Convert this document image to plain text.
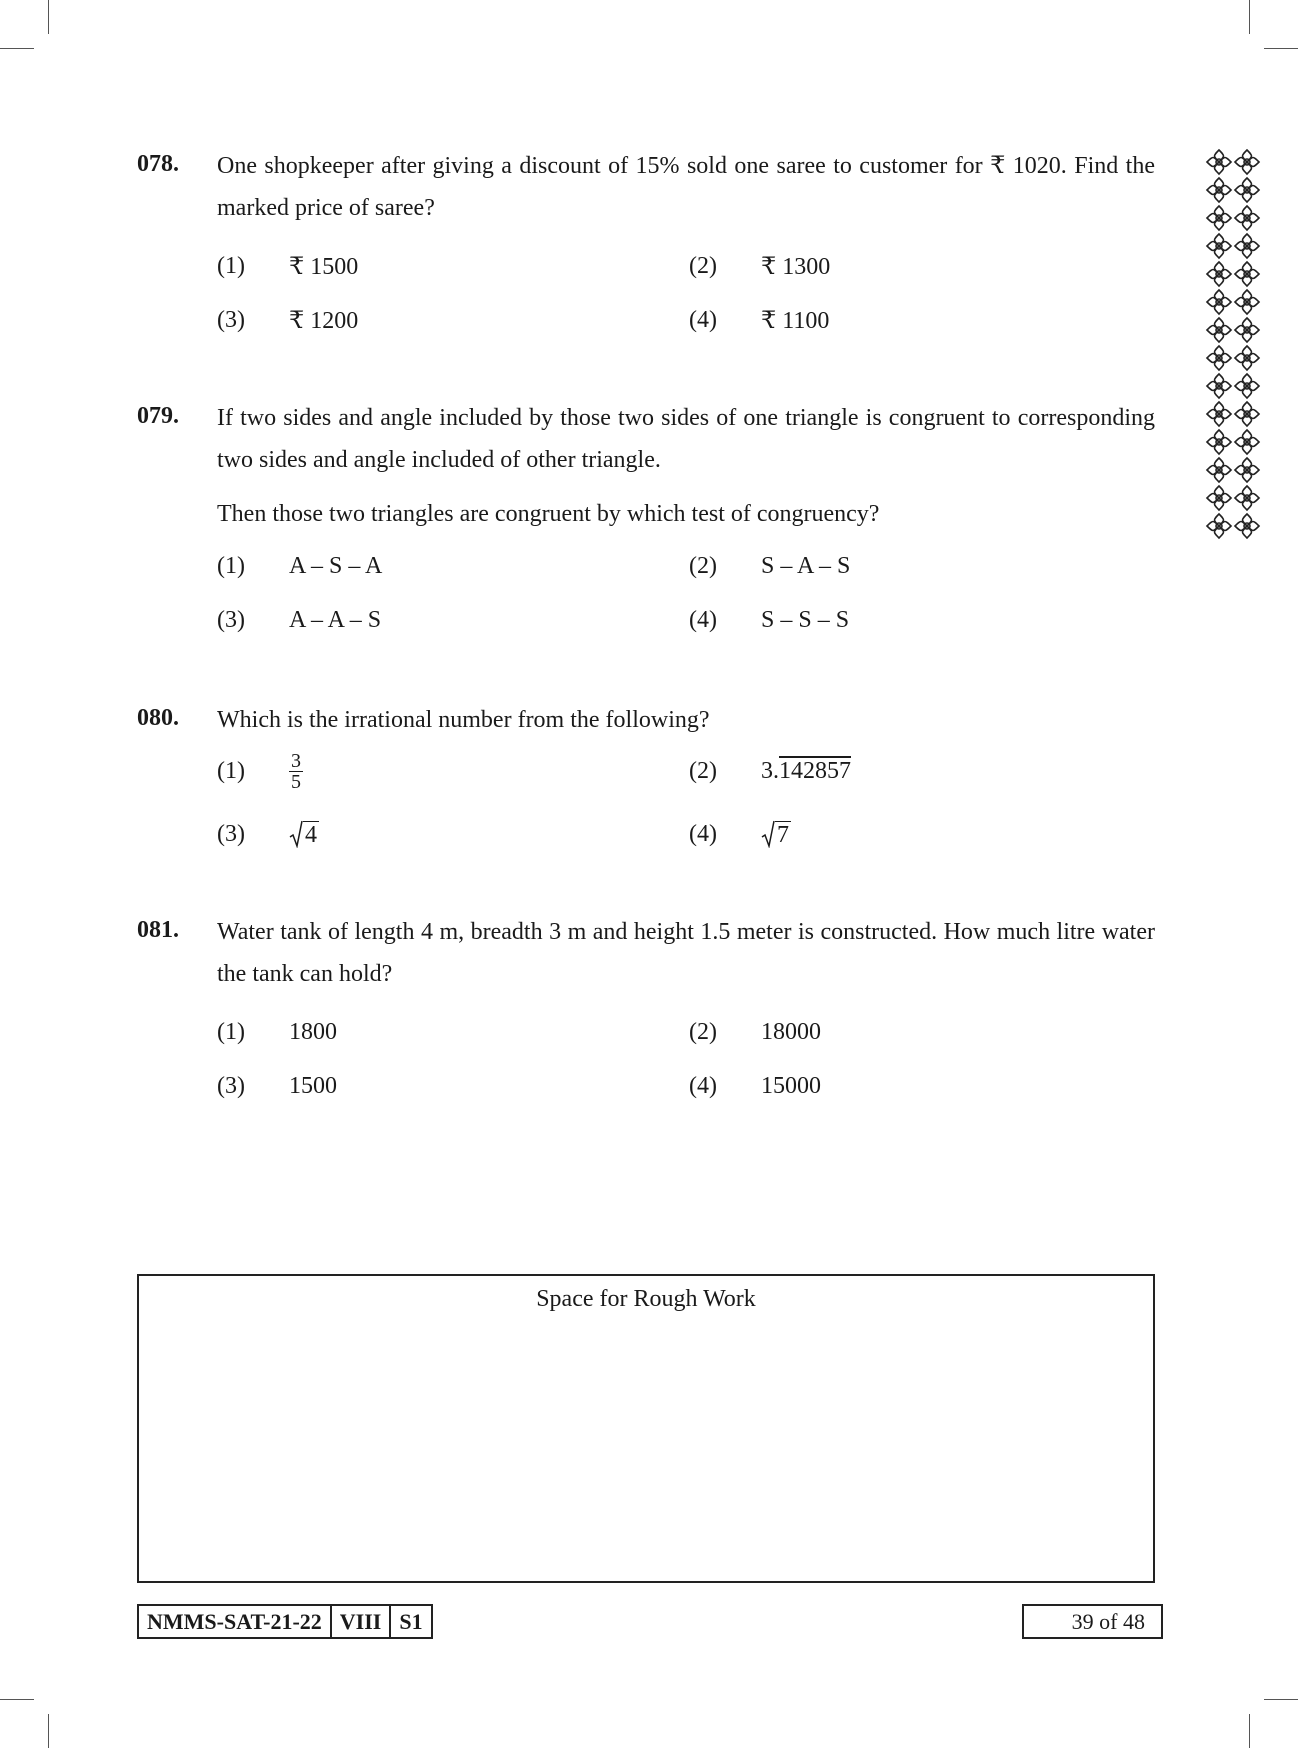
078. One shopkeeper after giving a discount of 15% sold one saree to customer for ₹ 1020. Find the marked price of saree?
(1)	₹ 1500	(2)	₹ 1300
(3)	₹ 1200	(4)	₹ 1100
079. If two sides and angle included by those two sides of one triangle is congruent to corresponding two sides and angle included of other triangle.
Then those two triangles are congruent by which test of congruency?
(1)	A – S – A	(2)	S – A – S
(3)	A – A – S	(4)	S – S – S
080. Which is the irrational number from the following?
(1)	$\frac{3}{5}$	(2)	3.142857
(3)	4	(4)	7
081. Water tank of length 4 m, breadth 3 m and height 1.5 meter is constructed. How much litre water the tank can hold?
(1)	1800	(2)	18000
(3)	1500	(4)	15000
Space for Rough Work
NMMS-SAT-21-22 VIII S1	39 of 48
